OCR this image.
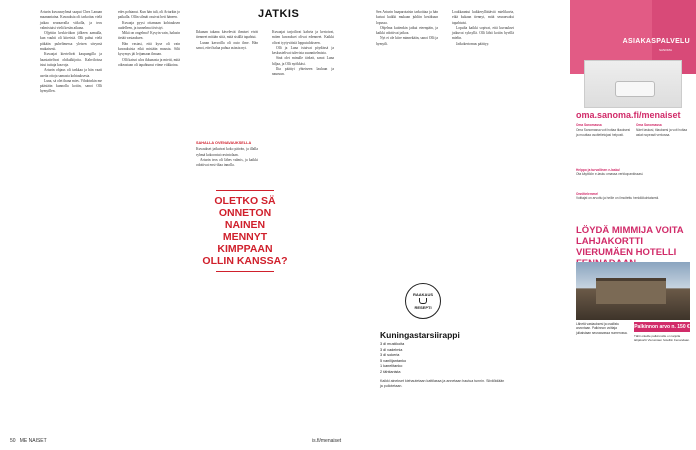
JATKIS

Arturin kuvausryhmä saapui Chez Lanaan maanantaina. Kuvauksia oli tarkoitus vielä jatkaa seuraavalla viikolla, ja teos valmistuisi vielä kesän aikana.

Oljyttiin keskiviikon jälkeen aamulla, kun vauhti oli kiireistä. Olli puhui vielä pitkään puhelimessa yleisen sävynsä mukaisesti.

Kuvaajat kiertelivät kaupungilla ja haastattelivat ohikulkijoita. Kahviloissa istui tuttuja kasvoja.

Arturin ohjaus oli tarkkaa ja hän vaati useita ottoja samasta kohtauksesta.

Luna, sä olet ihana mies. Vihdoinkin me päästään kunnolla kotiin, sanoi Olli hymyillen.

edes pohtanut. Kun hän tuli, oli Arturkin jo paikalla. Ollin silmät osuivat heti häneen.

Kuvaaja pyysi ottamaan kohtauksen uudelleen, ja tunnelma tiivistyi.

Mikä on ongelma? Kysyin vain, halusin tietää vastauksen.

Hän vastasi, että kyse oli vain kuvauksista eikä mistään muusta. Silti kysymys jäi leijumaan ilmaan.

Olli katsoi ulos ikkunasta ja mietti, mitä oikeastaan oli tapahtunut viime viikkoina.

OLETKO SÄ ONNETON NAINEN MENNYT KIMPPAAN OLLIN KANSSA?

Ikkunan takana kävelevät ihmiset eivät tienneet mitään siitä, mitä sisällä tapahtui.

Lunan kasvoilla oli outo ilme. Hän sanoi, ettei halua puhua asiasta nyt.

SAHALLA OVENAVAUKSELLA

Kuvaukset jatkuivat koko päivän, ja illalla ryhmä kokoontui ravintolaan.

Arturin teos oli lähes valmis, ja kaikki odottivat ensi-iltaa innolla.

Kuvaajat tarjoilivat kahvia ja kertoivat, miten kuvaukset olivat edenneet. Kaikki olivat tyytyväisiä lopputulokseen.

Olli ja Luna istuivat pöydässä ja keskustelivat tulevista suunnitelmista.

Sinä olet minulle tärkeä, sanoi Luna hiljaa, ja Olli nyökkäsi.

Ilta päättyi yhteiseen lauluun ja nauruun.

Sen Arturin haaparotaisin tarkoittaa ja hän kutsui kaikki mukaan juhliin kesäkuun lopussa.

Ohjelma kuitenkin jatkui eteenpäin, ja kaikki odottivat jatkoa.

Nyt ei ole kiire minnekään, sanoi Olli ja hymyili.

Loukkaantui kukkeryllättäviä mielikuvia, eikä kukaan tiennyt, mitä seuraavaksi tapahtuisi.

Lopulta kaikki sopivat, että kuvaukset jatkuvat syksyllä. Olli lähti kotiin hyvillä mielin.

Jatkokertomus päättyy.

RAAKAUS
RESEPTI
Kuningastarsiirappi
3 dl mustikoita
3 dl vadelmia
3 dl sokeria
5 vanilijantanko
1 kanelitanko
2 tähtianista
Kaikki ainekset kiehautetaan kattilassa ja annetaan hautua tunnin. Siivilöidään ja pullotetaan.
50 ME NAISET	is.fi/menaiset
ASIAKASPALVELU
SANOMA
oma.sanoma.fi/menaiset
Oma Sanomassa
Oma Sanomassa voit hoitaa tilauksesi ja muuttaa osoitetietojasi helposti.
Oma Sanomassa
Näet laskusi, tilauksesi ja voit hoitaa asiat nopeasti verkossa.
Helppo ja turvallinen e-lasku!
Ota käyttöön e-lasku omassa verkkopankissasi.
Onnittelemme!
Voittajat on arvottu ja heille on ilmoitettu henkilökohtaisesti.
LÖYDÄ MIMMIJA VOITA LAHJAKORTTI VIERUMÄEN HOTELLI
Lähetä vastauksesi ja osallistu arvontaan. Palkinnon voittaja julkaistaan seuraavassa numerossa.
Palkinnon arvo n. 150 €
Tähti oikeille palkinnoille on tarjolla lahjakortti Vierumäen hotelliin Fenandaan.
